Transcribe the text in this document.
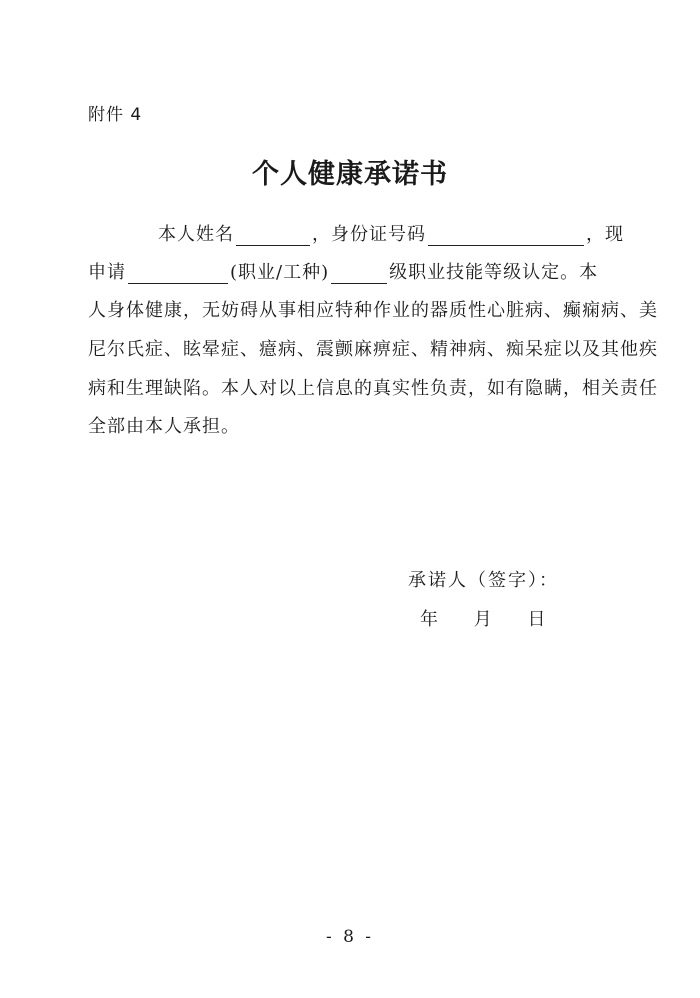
附件 4
个人健康承诺书
本人姓名	，身份证号码	，现
申请	(职业/工种)	级职业技能等级认定。本
人身体健康，无妨碍从事相应特种作业的器质性心脏病、癫痫病、美
尼尔氏症、眩晕症、癔病、震颤麻痹症、精神病、痴呆症以及其他疾
病和生理缺陷。本人对以上信息的真实性负责，如有隐瞒，相关责任
全部由本人承担。
承诺人（签字）：
年 月 日
- 8 -
